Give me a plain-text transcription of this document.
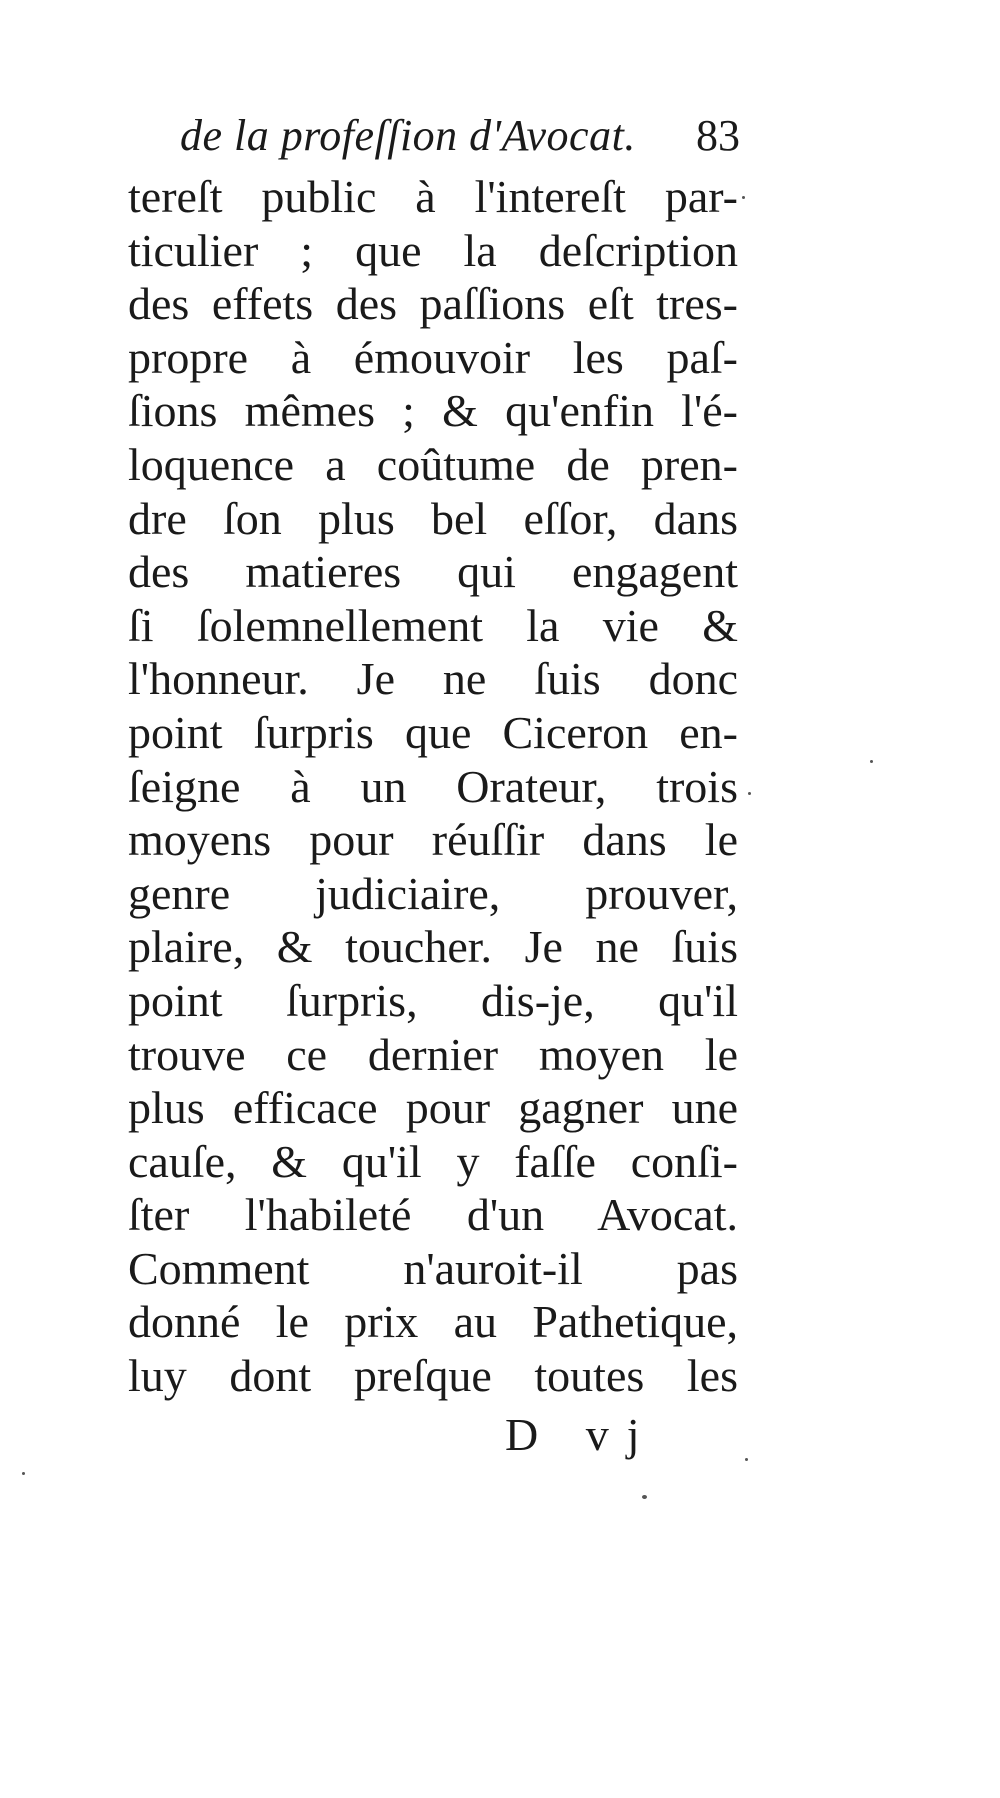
de la profeſſion d'Avocat. 83
tereſt public à l'intereſt par-
ticulier ; que la deſcription
des effets des paſſions eſt tres-
propre à émouvoir les paſ-
ſions mêmes ; & qu'enfin l'é-
loquence a coûtume de pren-
dre ſon plus bel eſſor, dans
des matieres qui engagent
ſi ſolemnellement la vie &
l'honneur. Je ne ſuis donc
point ſurpris que Ciceron en-
ſeigne à un Orateur, trois
moyens pour réuſſir dans le
genre judiciaire, prouver,
plaire, & toucher. Je ne ſuis
point ſurpris, dis-je, qu'il
trouve ce dernier moyen le
plus efficace pour gagner une
cauſe, & qu'il y faſſe conſi-
ſter l'habileté d'un Avocat.
Comment n'auroit-il pas
donné le prix au Pathetique,
luy dont preſque toutes les
D vj
